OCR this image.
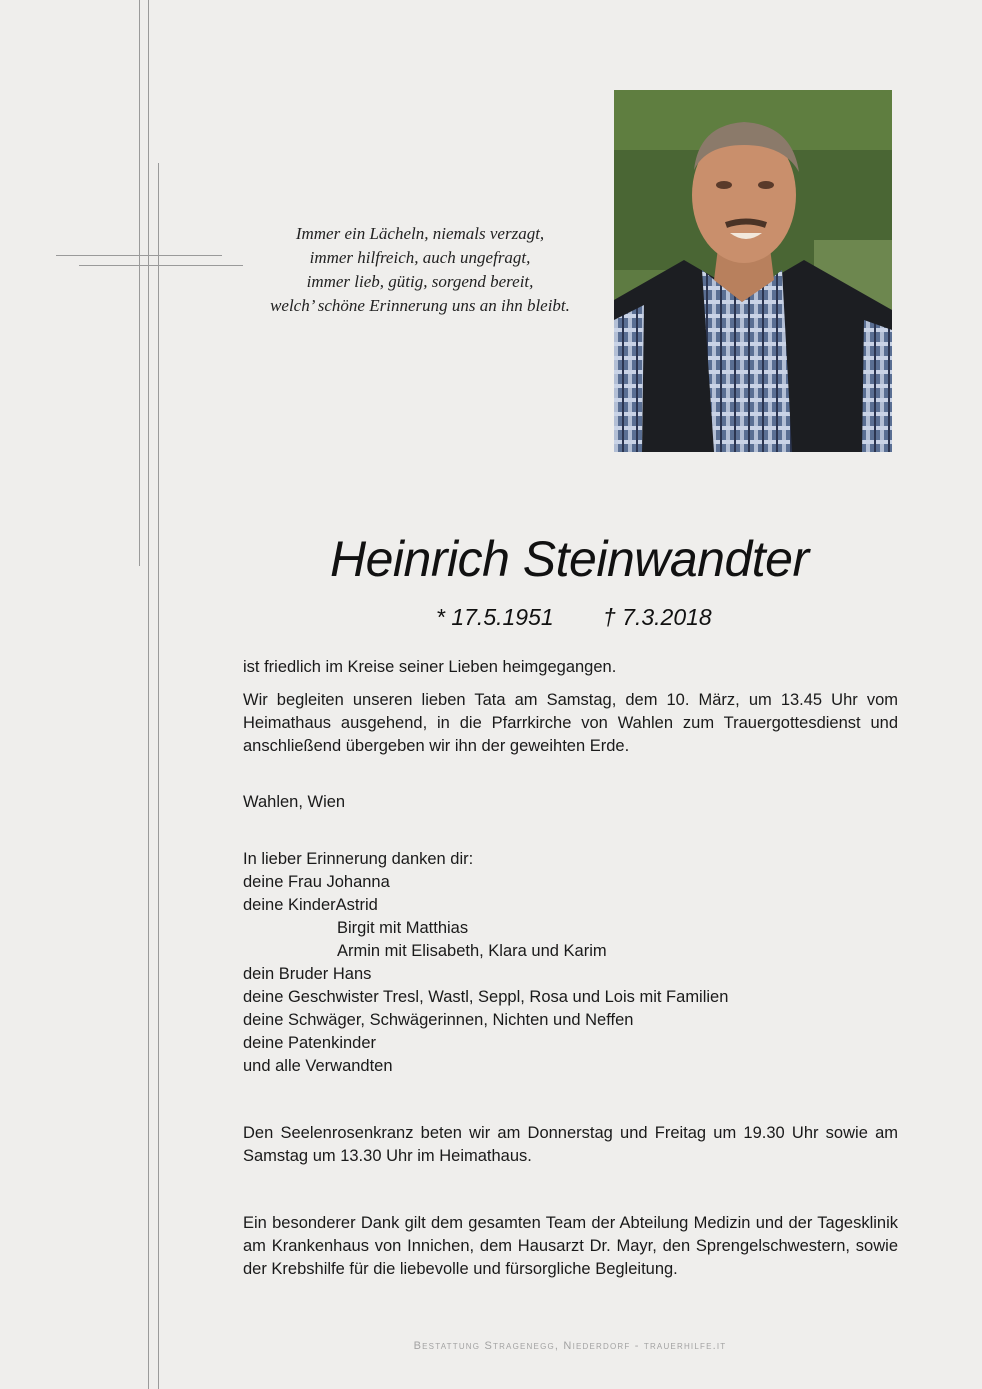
Immer ein Lächeln, niemals verzagt,
immer hilfreich, auch ungefragt,
immer lieb, gütig, sorgend bereit,
welch’ schöne Erinnerung uns an ihn bleibt.
Heinrich Steinwandter
* 17.5.1951 † 7.3.2018
ist friedlich im Kreise seiner Lieben heimgegangen.
Wir begleiten unseren lieben Tata am Samstag, dem 10. März, um 13.45 Uhr vom Heimathaus ausgehend, in die Pfarrkirche von Wahlen zum Trauergottesdienst und anschließend übergeben wir ihn der geweihten Erde.
Wahlen, Wien
In lieber Erinnerung danken dir:
deine Frau Johanna
deine KinderAstrid
Birgit mit Matthias
Armin mit Elisabeth, Klara und Karim
dein Bruder Hans
deine Geschwister Tresl, Wastl, Seppl, Rosa und Lois mit Familien
deine Schwäger, Schwägerinnen, Nichten und Neffen
deine Patenkinder
und alle Verwandten
Den Seelenrosenkranz beten wir am Donnerstag und Freitag um 19.30 Uhr sowie am Samstag um 13.30 Uhr im Heimathaus.
Ein besonderer Dank gilt dem gesamten Team der Abteilung Medizin und der Tagesklinik am Krankenhaus von Innichen, dem Hausarzt Dr. Mayr, den Sprengelschwestern, sowie der Krebshilfe für die liebevolle und fürsorgliche Begleitung.
Bestattung Stragenegg, Niederdorf - trauerhilfe.it
